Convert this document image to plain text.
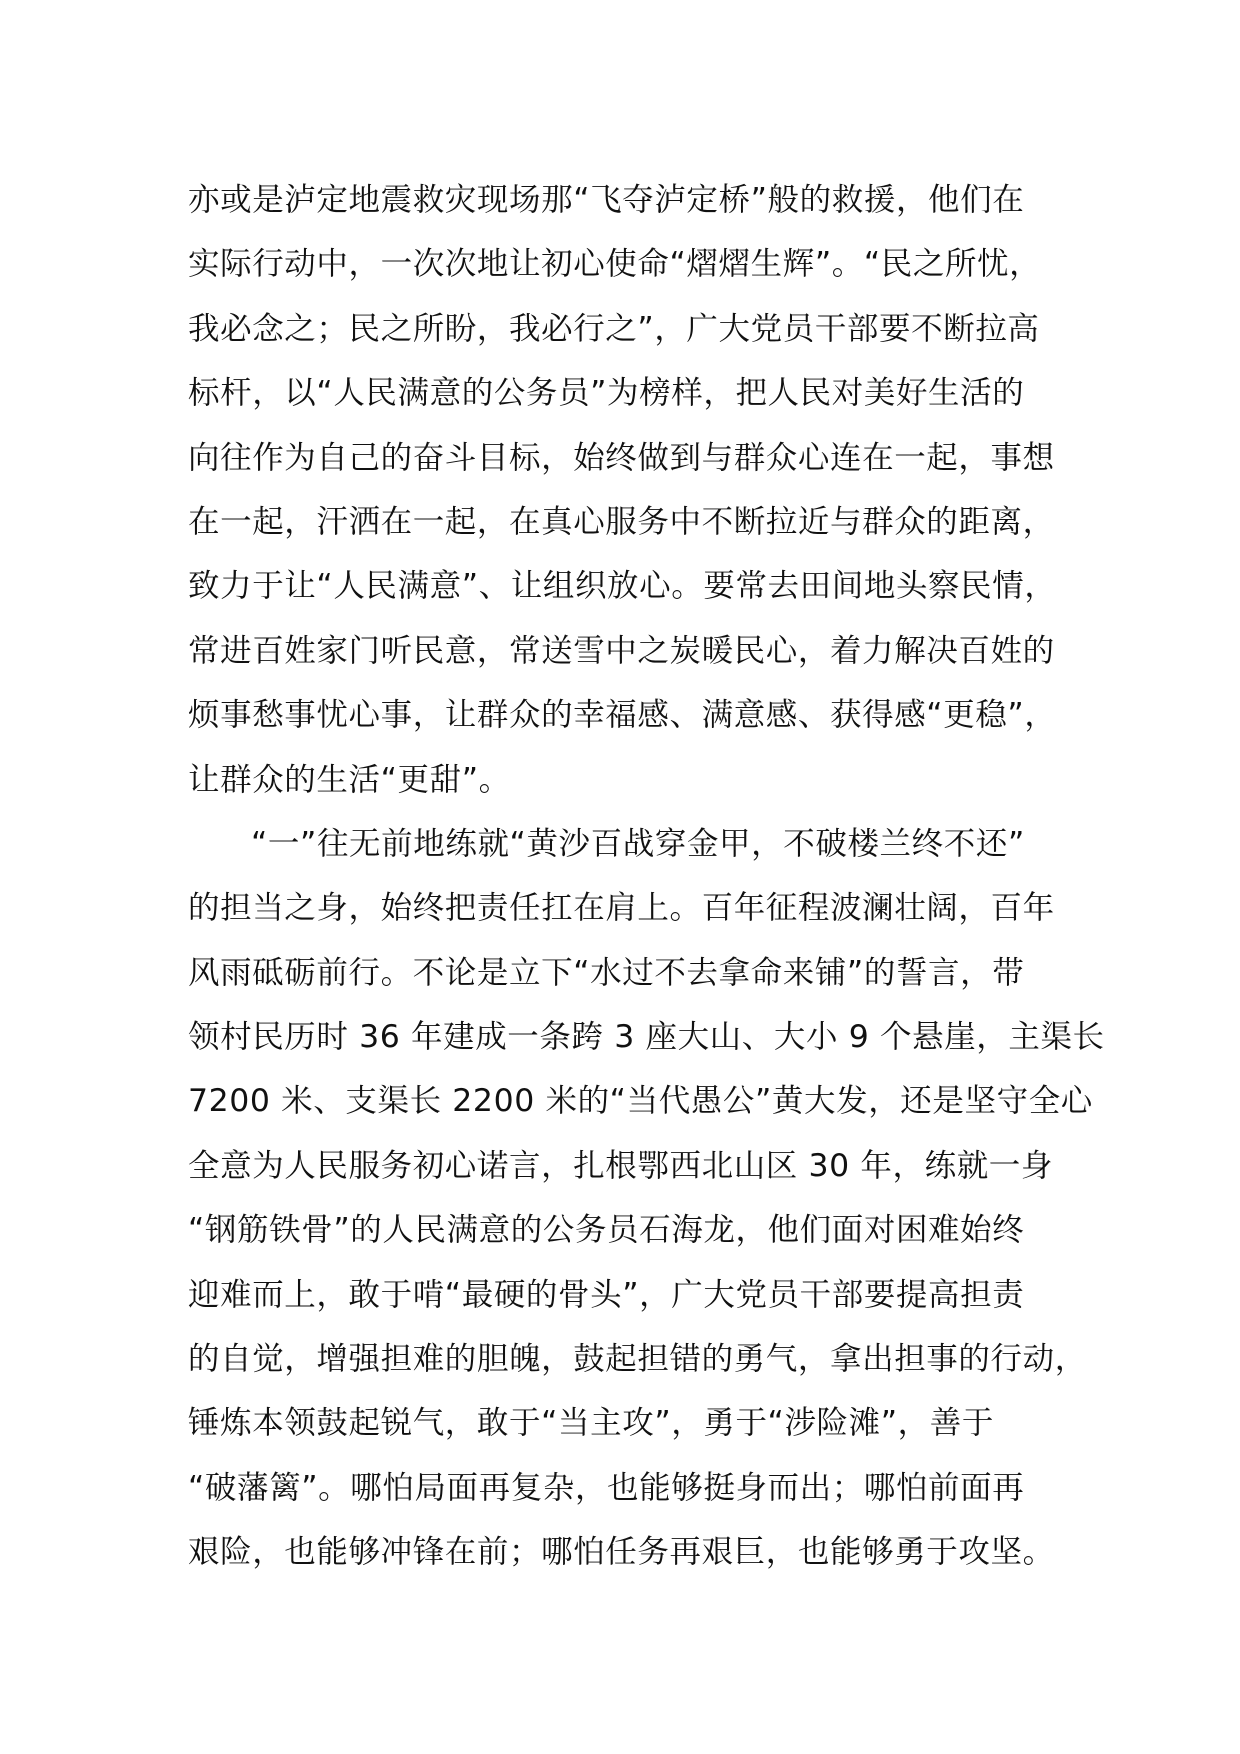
亦或是泸定地震救灾现场那“飞夺泸定桥”般的救援，他们在
实际行动中，一次次地让初心使命“熠熠生辉”。“民之所忧，
我必念之；民之所盼，我必行之”，广大党员干部要不断拉高
标杆，以“人民满意的公务员”为榜样，把人民对美好生活的
向往作为自己的奋斗目标，始终做到与群众心连在一起，事想
在一起，汗洒在一起，在真心服务中不断拉近与群众的距离，
致力于让“人民满意”、让组织放心。要常去田间地头察民情，
常进百姓家门听民意，常送雪中之炭暖民心，着力解决百姓的
烦事愁事忧心事，让群众的幸福感、满意感、获得感“更稳”，
让群众的生活“更甜”。
“一”往无前地练就“黄沙百战穿金甲，不破楼兰终不还”
的担当之身，始终把责任扛在肩上。百年征程波澜壮阔，百年
风雨砥砺前行。不论是立下“水过不去拿命来铺”的誓言，带
领村民历时 36 年建成一条跨 3 座大山、大小 9 个悬崖，主渠长
7200 米、支渠长 2200 米的“当代愚公”黄大发，还是坚守全心
全意为人民服务初心诺言，扎根鄂西北山区 30 年，练就一身
“钢筋铁骨”的人民满意的公务员石海龙，他们面对困难始终
迎难而上，敢于啃“最硬的骨头”，广大党员干部要提高担责
的自觉，增强担难的胆魄，鼓起担错的勇气，拿出担事的行动，
锤炼本领鼓起锐气，敢于“当主攻”，勇于“涉险滩”，善于
“破藩篱”。哪怕局面再复杂，也能够挺身而出；哪怕前面再
艰险，也能够冲锋在前；哪怕任务再艰巨，也能够勇于攻坚。
